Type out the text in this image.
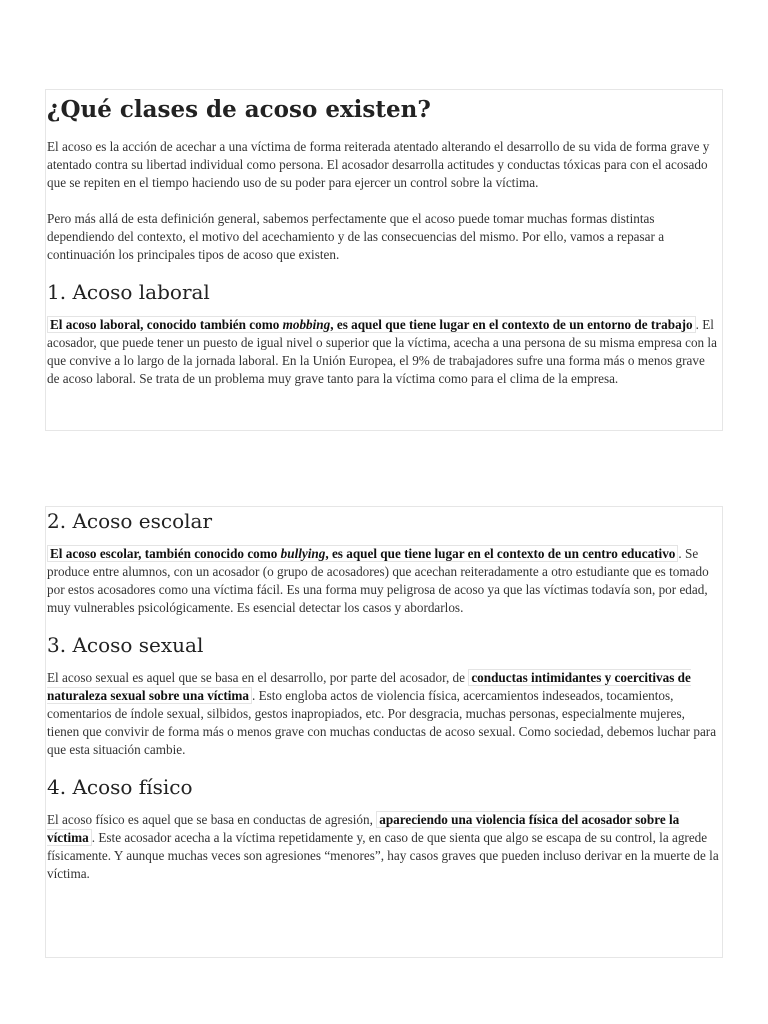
¿Qué clases de acoso existen?

El acoso es la acción de acechar a una víctima de forma reiterada atentado alterando el desarrollo de su vida de forma grave y atentado contra su libertad individual como persona. El acosador desarrolla actitudes y conductas tóxicas para con el acosado que se repiten en el tiempo haciendo uso de su poder para ejercer un control sobre la víctima.

Pero más allá de esta definición general, sabemos perfectamente que el acoso puede tomar muchas formas distintas dependiendo del contexto, el motivo del acechamiento y de las consecuencias del mismo. Por ello, vamos a repasar a continuación los principales tipos de acoso que existen.

1. Acoso laboral

El acoso laboral, conocido también como mobbing, es aquel que tiene lugar en el contexto de un entorno de trabajo . El acosador, que puede tener un puesto de igual nivel o superior que la víctima, acecha a una persona de su misma empresa con la que convive a lo largo de la jornada laboral. En la Unión Europea, el 9% de trabajadores sufre una forma más o menos grave de acoso laboral. Se trata de un problema muy grave tanto para la víctima como para el clima de la empresa.

2. Acoso escolar

El acoso escolar, también conocido como bullying, es aquel que tiene lugar en el contexto de un centro educativo . Se produce entre alumnos, con un acosador (o grupo de acosadores) que acechan reiteradamente a otro estudiante que es tomado por estos acosadores como una víctima fácil. Es una forma muy peligrosa de acoso ya que las víctimas todavía son, por edad, muy vulnerables psicológicamente. Es esencial detectar los casos y abordarlos.

3. Acoso sexual

El acoso sexual es aquel que se basa en el desarrollo, por parte del acosador, de conductas intimidantes y coercitivas de naturaleza sexual sobre una víctima . Esto engloba actos de violencia física, acercamientos indeseados, tocamientos, comentarios de índole sexual, silbidos, gestos inapropiados, etc. Por desgracia, muchas personas, especialmente mujeres, tienen que convivir de forma más o menos grave con muchas conductas de acoso sexual. Como sociedad, debemos luchar para que esta situación cambie.

4. Acoso físico

El acoso físico es aquel que se basa en conductas de agresión, apareciendo una violencia física del acosador sobre la víctima . Este acosador acecha a la víctima repetidamente y, en caso de que sienta que algo se escapa de su control, la agrede físicamente. Y aunque muchas veces son agresiones “menores”, hay casos graves que pueden incluso derivar en la muerte de la víctima.
